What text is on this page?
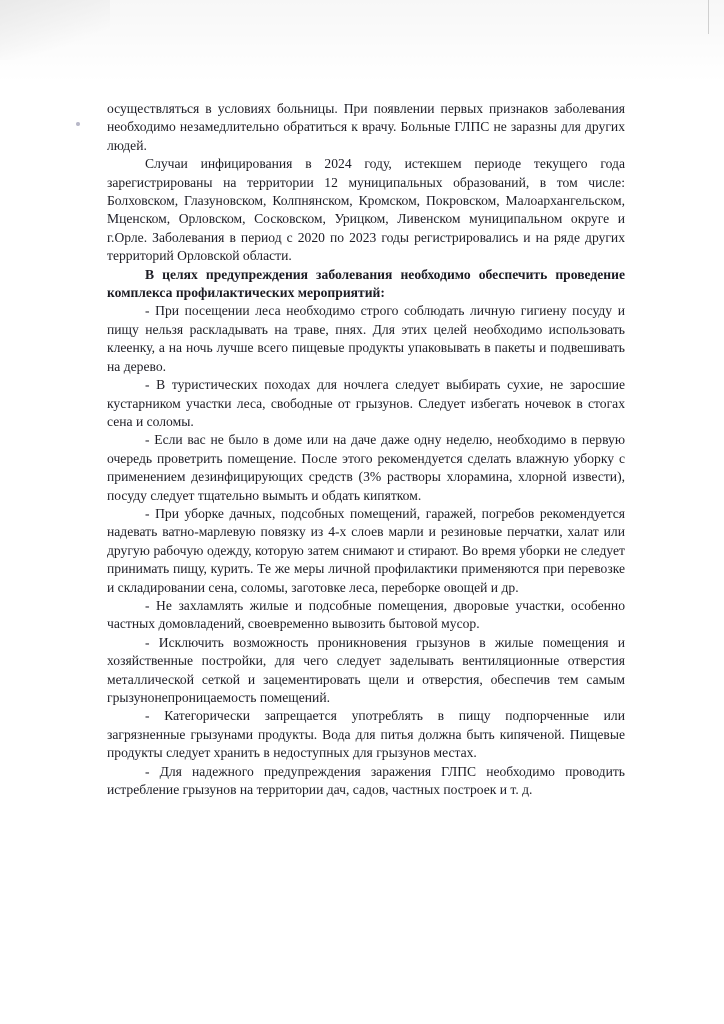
осуществляться в условиях больницы. При появлении первых признаков заболевания необходимо незамедлительно обратиться к врачу. Больные ГЛПС не заразны для других людей.

Случаи инфицирования в 2024 году, истекшем периоде текущего года зарегистрированы на территории 12 муниципальных образований, в том числе: Болховском, Глазуновском, Колпнянском, Кромском, Покровском, Малоархангельском, Мценском, Орловском, Сосковском, Урицком, Ливенском муниципальном округе и г.Орле. Заболевания в период с 2020 по 2023 годы регистрировались и на ряде других территорий Орловской области.

В целях предупреждения заболевания необходимо обеспечить проведение комплекса профилактических мероприятий:

- При посещении леса необходимо строго соблюдать личную гигиену посуду и пищу нельзя раскладывать на траве, пнях. Для этих целей необходимо использовать клеенку, а на ночь лучше всего пищевые продукты упаковывать в пакеты и подвешивать на дерево.

- В туристических походах для ночлега следует выбирать сухие, не заросшие кустарником участки леса, свободные от грызунов. Следует избегать ночевок в стогах сена и соломы.

- Если вас не было в доме или на даче даже одну неделю, необходимо в первую очередь проветрить помещение. После этого рекомендуется сделать влажную уборку с применением дезинфицирующих средств (3% растворы хлорамина, хлорной извести), посуду следует тщательно вымыть и обдать кипятком.

- При уборке дачных, подсобных помещений, гаражей, погребов рекомендуется надевать ватно-марлевую повязку из 4-х слоев марли и резиновые перчатки, халат или другую рабочую одежду, которую затем снимают и стирают. Во время уборки не следует принимать пищу, курить. Те же меры личной профилактики применяются при перевозке и складировании сена, соломы, заготовке леса, переборке овощей и др.

- Не захламлять жилые и подсобные помещения, дворовые участки, особенно частных домовладений, своевременно вывозить бытовой мусор.

- Исключить возможность проникновения грызунов в жилые помещения и хозяйственные постройки, для чего следует заделывать вентиляционные отверстия металлической сеткой и зацементировать щели и отверстия, обеспечив тем самым грызунонепроницаемость помещений.

- Категорически запрещается употреблять в пищу подпорченные или загрязненные грызунами продукты. Вода для питья должна быть кипяченой. Пищевые продукты следует хранить в недоступных для грызунов местах.

- Для надежного предупреждения заражения ГЛПС необходимо проводить истребление грызунов на территории дач, садов, частных построек и т. д.
